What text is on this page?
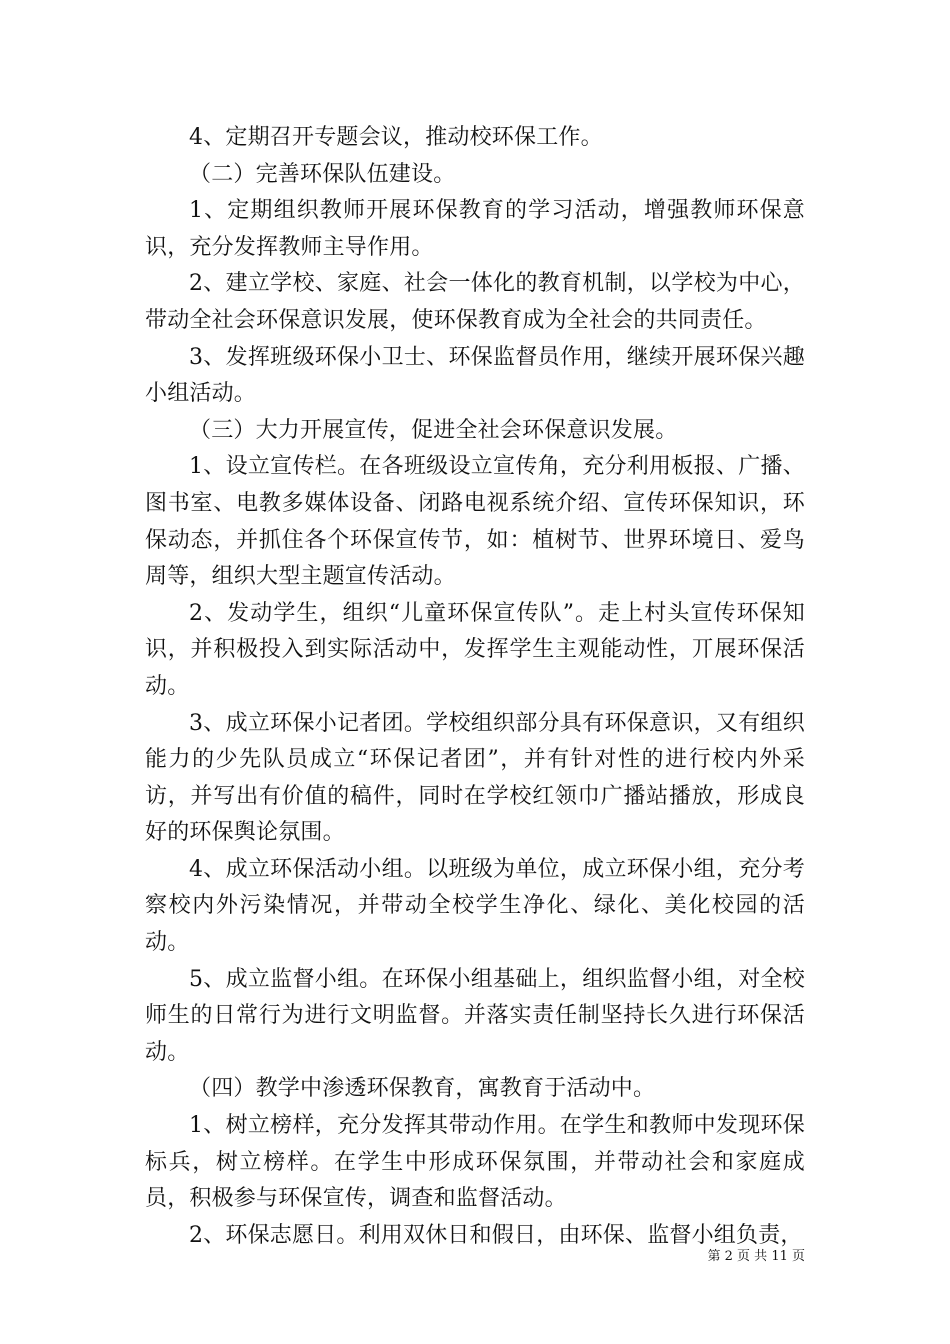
4、定期召开专题会议，推动校环保工作。

（二）完善环保队伍建设。

1、定期组织教师开展环保教育的学习活动，增强教师环保意识，充分发挥教师主导作用。

2、建立学校、家庭、社会一体化的教育机制，以学校为中心，带动全社会环保意识发展，使环保教育成为全社会的共同责任。

3、发挥班级环保小卫士、环保监督员作用，继续开展环保兴趣小组活动。

（三）大力开展宣传，促进全社会环保意识发展。

1、设立宣传栏。在各班级设立宣传角，充分利用板报、广播、图书室、电教多媒体设备、闭路电视系统介绍、宣传环保知识，环保动态，并抓住各个环保宣传节，如：植树节、世界环境日、爱鸟周等，组织大型主题宣传活动。

2、发动学生，组织“儿童环保宣传队”。走上村头宣传环保知识，并积极投入到实际活动中，发挥学生主观能动性，丌展环保活动。

3、成立环保小记者团。学校组织部分具有环保意识，又有组织能力的少先队员成立“环保记者团”，并有针对性的进行校内外采访，并写出有价值的稿件，同时在学校红领巾广播站播放，形成良好的环保舆论氛围。

4、成立环保活动小组。以班级为单位，成立环保小组，充分考察校内外污染情况，并带动全校学生净化、绿化、美化校园的活动。

5、成立监督小组。在环保小组基础上，组织监督小组，对全校师生的日常行为进行文明监督。并落实责任制坚持长久进行环保活动。

（四）教学中渗透环保教育，寓教育于活动中。

1、树立榜样，充分发挥其带动作用。在学生和教师中发现环保标兵，树立榜样。在学生中形成环保氛围，并带动社会和家庭成员，积极参与环保宣传，调查和监督活动。

2、环保志愿日。利用双休日和假日，由环保、监督小组负责，

第 2 页 共 11 页
